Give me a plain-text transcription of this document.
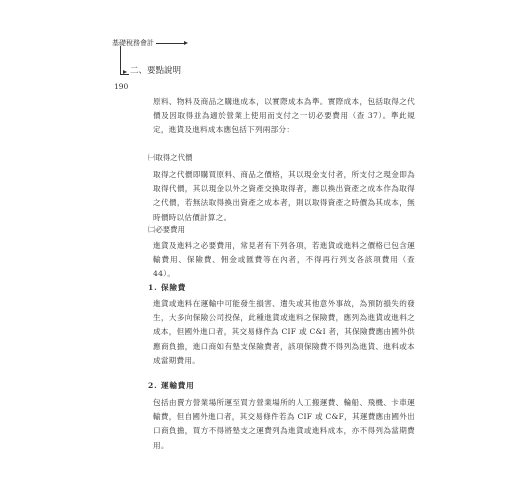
基礎稅務會計
二、要點說明
190
原料、物料及商品之購進成本，以實際成本為準。實際成本，包括取得之代價及因取得並為適於營業上使用而支付之一切必要費用（查 37）。準此規定，進貨及進料成本應包括下列兩部分：
㈠取得之代價
取得之代價即購買原料、商品之價格，其以現金支付者，所支付之現金即為取得代價，其以現金以外之資產交換取得者，應以換出資產之成本作為取得之代價，若無法取得換出資產之成本者，則以取得資產之時價為其成本，無時價時以估價計算之。
㈡必要費用
進貨及進料之必要費用，常見者有下列各項，若進貨或進料之價格已包含運輸費用、保險費、佣金或匯費等在內者，不得再行列支各該項費用（查 44）。
1. 保險費
進貨或進料在運輸中可能發生損害、遺失或其他意外事故，為預防損失的發生，大多向保險公司投保，此種進貨或進料之保險費，應列為進貨或進料之成本，但國外進口者，其交易條件為 CIF 或 C&I 者，其保險費應由國外供應商負擔，進口商如有墊支保險費者，該項保險費不得列為進貨、進料或本成當期費用。
2. 運輸費用
包括由賣方營業場所運至買方營業場所的人工搬運費、輪船、飛機、卡車運輸費，但自國外進口者，其交易條件若為 CIF 或 C&F，其運費應由國外出口商負擔，買方不得將墊支之運費列為進貨或進料成本，亦不得列為當期費用。
